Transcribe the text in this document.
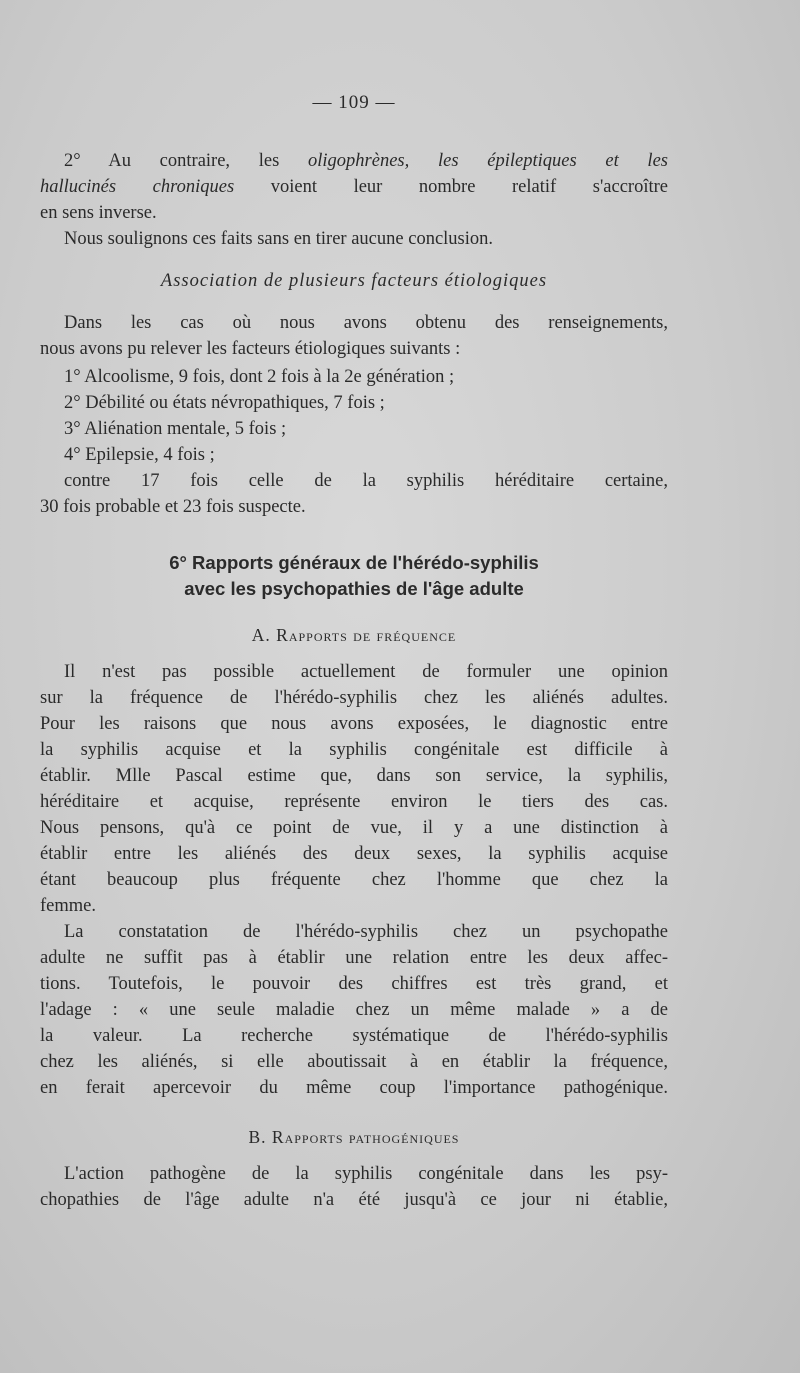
— 109 —
2° Au contraire, les oligophrènes, les épileptiques et les
hallucinés chroniques voient leur nombre relatif s'accroître
en sens inverse.
Nous soulignons ces faits sans en tirer aucune conclusion.
Association de plusieurs facteurs étiologiques
Dans les cas où nous avons obtenu des renseignements,
nous avons pu relever les facteurs étiologiques suivants :
1° Alcoolisme, 9 fois, dont 2 fois à la 2e génération ;
2° Débilité ou états névropathiques, 7 fois ;
3° Aliénation mentale, 5 fois ;
4° Epilepsie, 4 fois ;
contre 17 fois celle de la syphilis héréditaire certaine,
30 fois probable et 23 fois suspecte.
6° Rapports généraux de l'hérédo-syphilis
avec les psychopathies de l'âge adulte
A. Rapports de fréquence
Il n'est pas possible actuellement de formuler une opinion
sur la fréquence de l'hérédo-syphilis chez les aliénés adultes.
Pour les raisons que nous avons exposées, le diagnostic entre
la syphilis acquise et la syphilis congénitale est difficile à
établir. Mlle Pascal estime que, dans son service, la syphilis,
héréditaire et acquise, représente environ le tiers des cas.
Nous pensons, qu'à ce point de vue, il y a une distinction à
établir entre les aliénés des deux sexes, la syphilis acquise
étant beaucoup plus fréquente chez l'homme que chez la
femme.
La constatation de l'hérédo-syphilis chez un psychopathe
adulte ne suffit pas à établir une relation entre les deux affec-
tions. Toutefois, le pouvoir des chiffres est très grand, et
l'adage : « une seule maladie chez un même malade » a de
la valeur. La recherche systématique de l'hérédo-syphilis
chez les aliénés, si elle aboutissait à en établir la fréquence,
en ferait apercevoir du même coup l'importance pathogénique.
B. Rapports pathogéniques
L'action pathogène de la syphilis congénitale dans les psy-
chopathies de l'âge adulte n'a été jusqu'à ce jour ni établie,
